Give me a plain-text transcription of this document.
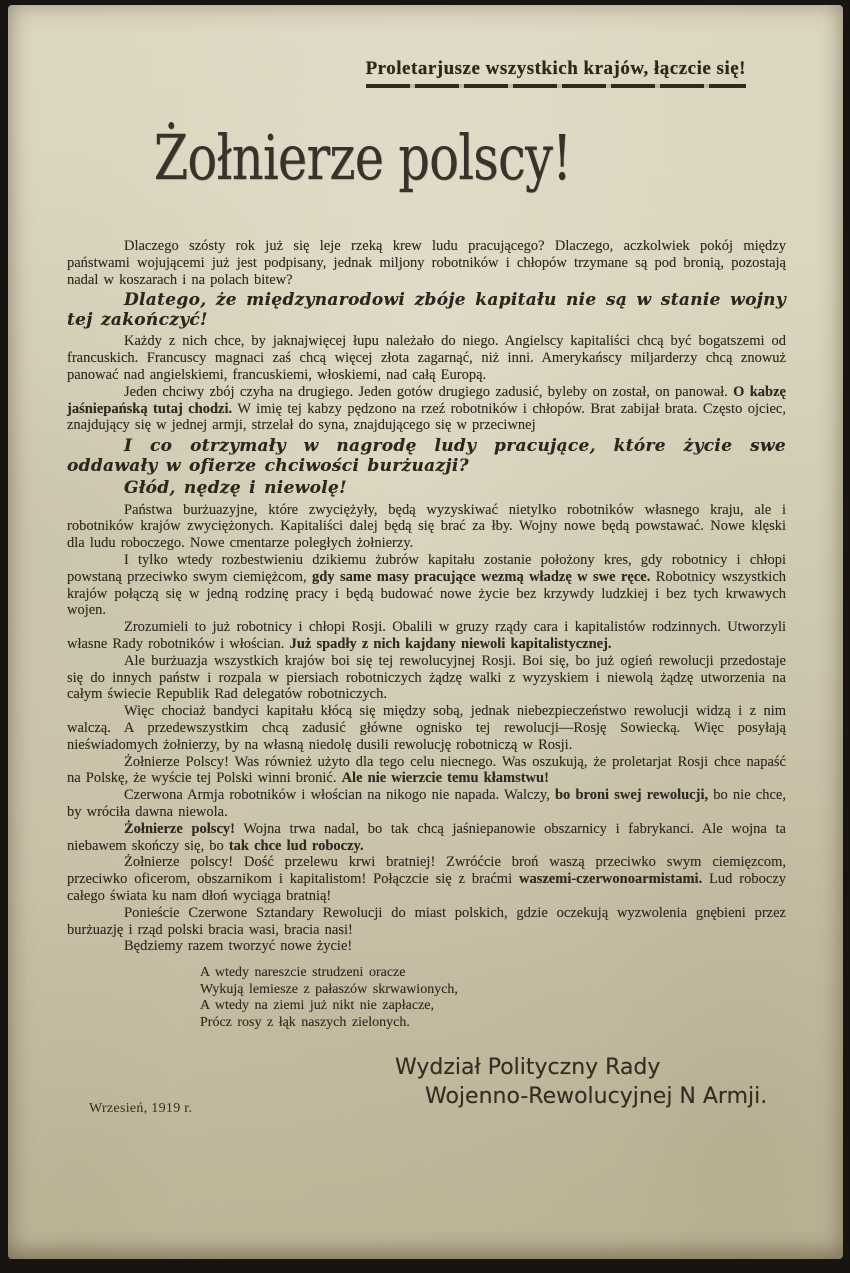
Proletarjusze wszystkich krajów, łączcie się!
Żołnierze polscy!

Dlaczego szósty rok już się leje rzeką krew ludu pracującego? Dlaczego, aczkolwiek pokój między państwami wojującemi już jest podpisany, jednak miljony robotników i chłopów trzymane są pod bronią, pozostają nadal w koszarach i na polach bitew?

Dlatego, że międzynarodowi zbóje kapitału nie są w stanie wojny tej zakończyć!

Każdy z nich chce, by jaknajwięcej łupu należało do niego. Angielscy kapitaliści chcą być bogatszemi od francuskich. Francuscy magnaci zaś chcą więcej złota zagarnąć, niż inni. Amerykańscy miljarderzy chcą znowuż panować nad angielskiemi, francuskiemi, włoskiemi, nad całą Europą.

Jeden chciwy zbój czyha na drugiego. Jeden gotów drugiego zadusić, byleby on został, on panował. O kabzę jaśniepańską tutaj chodzi. W imię tej kabzy pędzono na rzeź robotników i chłopów. Brat zabijał brata. Często ojciec, znajdujący się w jednej armji, strzelał do syna, znajdującego się w przeciwnej

I co otrzymały w nagrodę ludy pracujące, które życie swe oddawały w ofierze chciwości burżuazji?

Głód, nędzę i niewolę!

Państwa burżuazyjne, które zwyciężyły, będą wyzyskiwać nietylko robotników własnego kraju, ale i robotników krajów zwyciężonych. Kapitaliści dalej będą się brać za łby. Wojny nowe będą powstawać. Nowe klęski dla ludu roboczego. Nowe cmentarze poległych żołnierzy.

I tylko wtedy rozbestwieniu dzikiemu żubrów kapitału zostanie położony kres, gdy robotnicy i chłopi powstaną przeciwko swym ciemiężcom, gdy same masy pracujące wezmą władzę w swe ręce. Robotnicy wszystkich krajów połączą się w jedną rodzinę pracy i będą budować nowe życie bez krzywdy ludzkiej i bez tych krwawych wojen.

Zrozumieli to już robotnicy i chłopi Rosji. Obalili w gruzy rządy cara i kapitalistów rodzinnych. Utworzyli własne Rady robotników i włościan. Już spadły z nich kajdany niewoli kapitalistycznej.

Ale burżuazja wszystkich krajów boi się tej rewolucyjnej Rosji. Boi się, bo już ogień rewolucji przedostaje się do innych państw i rozpala w piersiach robotniczych żądzę walki z wyzyskiem i niewolą żądzę utworzenia na całym świecie Republik Rad delegatów robotniczych.

Więc chociaż bandyci kapitału kłócą się między sobą, jednak niebezpieczeństwo rewolucji widzą i z nim walczą. A przedewszystkim chcą zadusić główne ognisko tej rewolucji—Rosję Sowiecką. Więc posyłają nieświadomych żołnierzy, by na własną niedolę dusili rewolucję robotniczą w Rosji.

Żołnierze Polscy! Was również użyto dla tego celu niecnego. Was oszukują, że proletarjat Rosji chce napaść na Polskę, że wyście tej Polski winni bronić. Ale nie wierzcie temu kłamstwu!

Czerwona Armja robotników i włościan na nikogo nie napada. Walczy, bo broni swej rewolucji, bo nie chce, by wróciła dawna niewola.

Żołnierze polscy! Wojna trwa nadal, bo tak chcą jaśniepanowie obszarnicy i fabrykanci. Ale wojna ta niebawem skończy się, bo tak chce lud roboczy.

Żołnierze polscy! Dość przelewu krwi bratniej! Zwróćcie broń waszą przeciwko swym ciemięzcom, przeciwko oficerom, obszarnikom i kapitalistom! Połączcie się z braćmi waszemi-czerwonoarmistami. Lud roboczy całego świata ku nam dłoń wyciąga bratnią!

Ponieście Czerwone Sztandary Rewolucji do miast polskich, gdzie oczekują wyzwolenia gnębieni przez burżuazję i rząd polski bracia wasi, bracia nasi!

Będziemy razem tworzyć nowe życie!

A wtedy nareszcie strudzeni oracze
Wykują lemiesze z pałaszów skrwawionych,
A wtedy na ziemi już nikt nie zapłacze,
Prócz rosy z łąk naszych zielonych.
Wrzesień, 1919 r.
Wydział Polityczny Rady
Wojenno-Rewolucyjnej N Armji.
